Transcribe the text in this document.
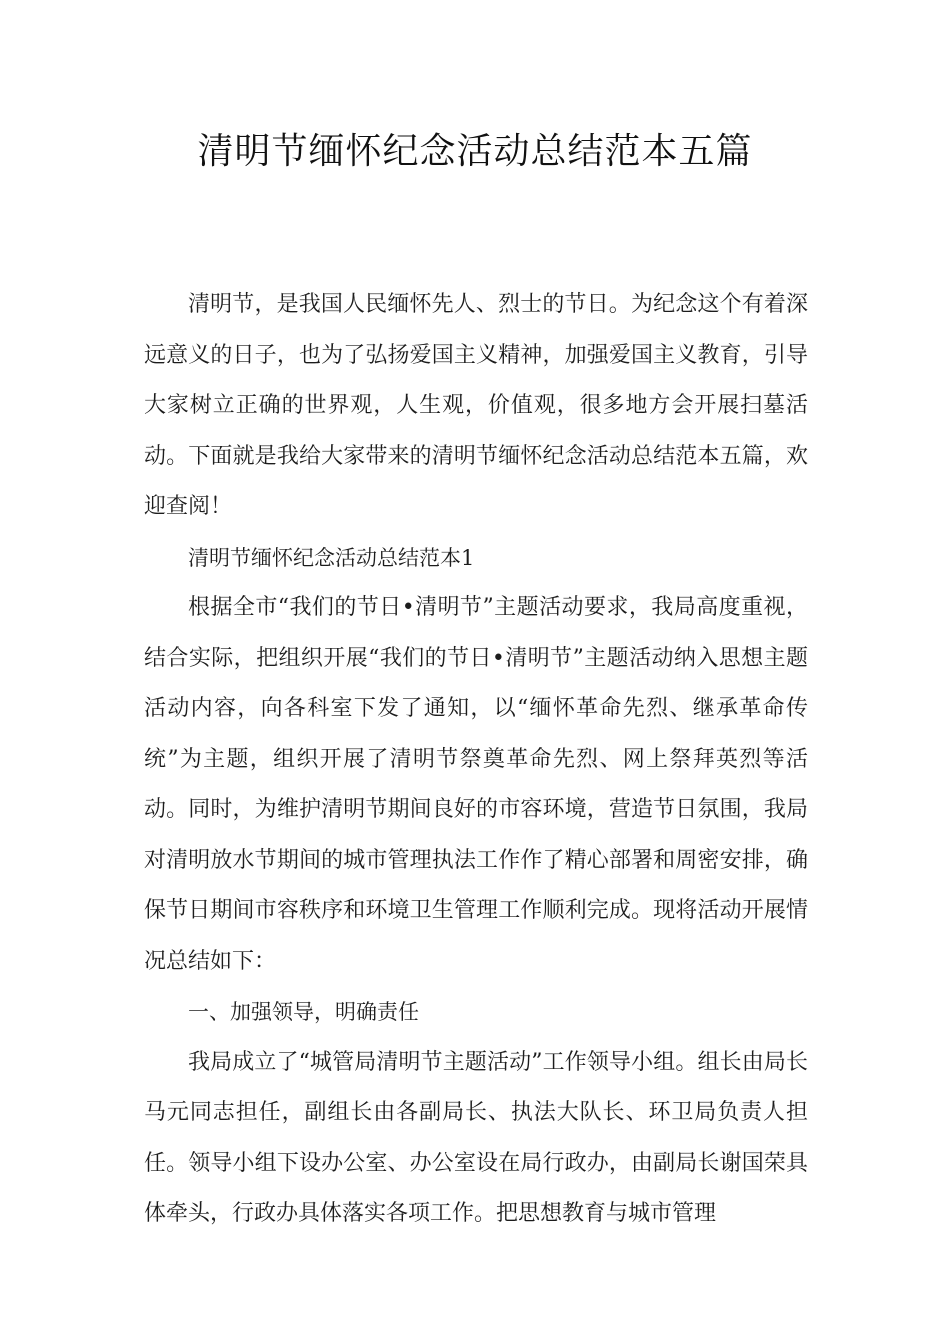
清明节缅怀纪念活动总结范本五篇

清明节，是我国人民缅怀先人、烈士的节日。为纪念这个有着深远意义的日子，也为了弘扬爱国主义精神，加强爱国主义教育，引导大家树立正确的世界观，人生观，价值观，很多地方会开展扫墓活动。下面就是我给大家带来的清明节缅怀纪念活动总结范本五篇，欢迎查阅！

清明节缅怀纪念活动总结范本1

根据全市“我们的节日•清明节”主题活动要求，我局高度重视，结合实际，把组织开展“我们的节日•清明节”主题活动纳入思想主题活动内容，向各科室下发了通知，以“缅怀革命先烈、继承革命传统”为主题，组织开展了清明节祭奠革命先烈、网上祭拜英烈等活动。同时，为维护清明节期间良好的市容环境，营造节日氛围，我局对清明放水节期间的城市管理执法工作作了精心部署和周密安排，确保节日期间市容秩序和环境卫生管理工作顺利完成。现将活动开展情况总结如下：

一、加强领导，明确责任

我局成立了“城管局清明节主题活动”工作领导小组。组长由局长马元同志担任，副组长由各副局长、执法大队长、环卫局负责人担任。领导小组下设办公室、办公室设在局行政办，由副局长谢国荣具体牵头，行政办具体落实各项工作。把思想教育与城市管理
